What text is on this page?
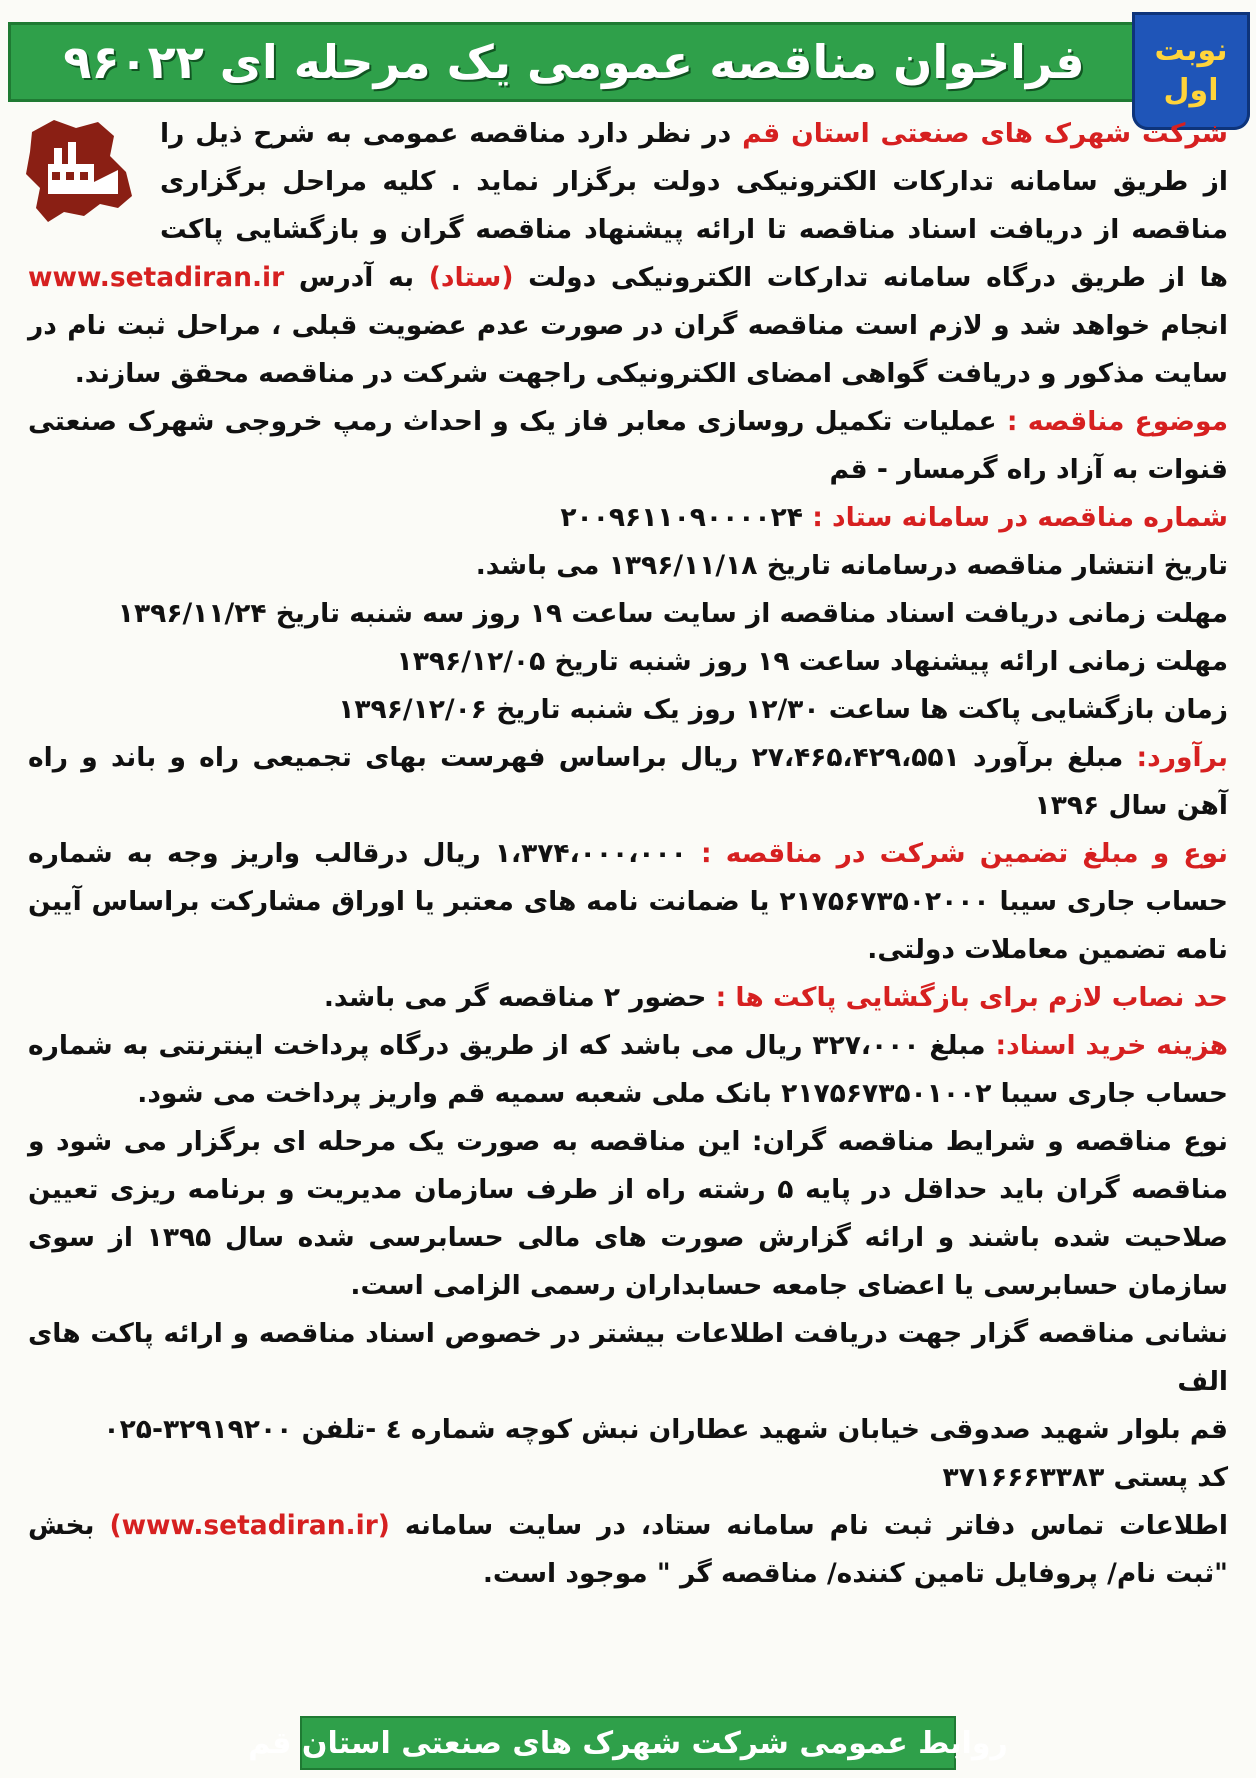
فراخوان مناقصه عمومی یک مرحله ای ۹۶۰۲۲ نوبت
اول

شرکت شهرک های صنعتی استان قم در نظر دارد مناقصه عمومی به شرح ذیل را از طریق سامانه تدارکات الکترونیکی دولت برگزار نماید . کلیه مراحل برگزاری مناقصه از دریافت اسناد مناقصه تا ارائه پیشنهاد مناقصه گران و بازگشایی پاکت ها از طریق درگاه سامانه تدارکات الکترونیکی دولت (ستاد) به آدرس www.setadiran.ir انجام خواهد شد و لازم است مناقصه گران در صورت عدم عضویت قبلی ، مراحل ثبت نام در سایت مذکور و دریافت گواهی امضای الکترونیکی راجهت شرکت در مناقصه محقق سازند.

موضوع مناقصه : عملیات تکمیل روسازی معابر فاز یک و احداث رمپ خروجی شهرک صنعتی قنوات به آزاد راه گرمسار - قم

شماره مناقصه در سامانه ستاد : ۲۰۰۹۶۱۱۰۹۰۰۰۰۲۴

تاریخ انتشار مناقصه درسامانه تاریخ ۱۳۹۶/۱۱/۱۸ می باشد.

مهلت زمانی دریافت اسناد مناقصه از سایت ساعت ۱۹ روز سه شنبه تاریخ ۱۳۹۶/۱۱/۲۴

مهلت زمانی ارائه پیشنهاد ساعت ۱۹ روز شنبه تاریخ ۱۳۹۶/۱۲/۰۵

زمان بازگشایی پاکت ها ساعت ۱۲/۳۰ روز یک شنبه تاریخ ۱۳۹۶/۱۲/۰۶

برآورد: مبلغ برآورد ۲۷،۴۶۵،۴۲۹،۵۵۱ ریال براساس فهرست بهای تجمیعی راه و باند و راه آهن سال ۱۳۹۶

نوع و مبلغ تضمین شرکت در مناقصه : ۱،۳۷۴،۰۰۰،۰۰۰ ریال درقالب واریز وجه به شماره حساب جاری سیبا ۲۱۷۵۶۷۳۵۰۲۰۰۰ یا ضمانت نامه های معتبر یا اوراق مشارکت براساس آیین نامه تضمین معاملات دولتی.

حد نصاب لازم برای بازگشایی پاکت ها : حضور ۲ مناقصه گر می باشد.

هزینه خرید اسناد: مبلغ ۳۲۷،۰۰۰ ریال می باشد که از طریق درگاه پرداخت اینترنتی به شماره حساب جاری سیبا ۲۱۷۵۶۷۳۵۰۱۰۰۲ بانک ملی شعبه سمیه قم واریز پرداخت می شود.

نوع مناقصه و شرایط مناقصه گران: این مناقصه به صورت یک مرحله ای برگزار می شود و مناقصه گران باید حداقل در پایه ۵ رشته راه از طرف سازمان مدیریت و برنامه ریزی تعیین صلاحیت شده باشند و ارائه گزارش صورت های مالی حسابرسی شده سال ۱۳۹۵ از سوی سازمان حسابرسی یا اعضای جامعه حسابداران رسمی الزامی است.

نشانی مناقصه گزار جهت دریافت اطلاعات بیشتر در خصوص اسناد مناقصه و ارائه پاکت های الف

قم بلوار شهید صدوقی خیابان شهید عطاران نبش کوچه شماره ٤ -تلفن ۳۲۹۱۹۲۰۰-۰۲۵

کد پستی ۳۷۱۶۶۶۳۳۸۳

اطلاعات تماس دفاتر ثبت نام سامانه ستاد، در سایت سامانه (www.setadiran.ir) بخش "ثبت نام/ پروفایل تامین کننده/ مناقصه گر " موجود است.

روابط عمومی شرکت شهرک های صنعتی استان قم
